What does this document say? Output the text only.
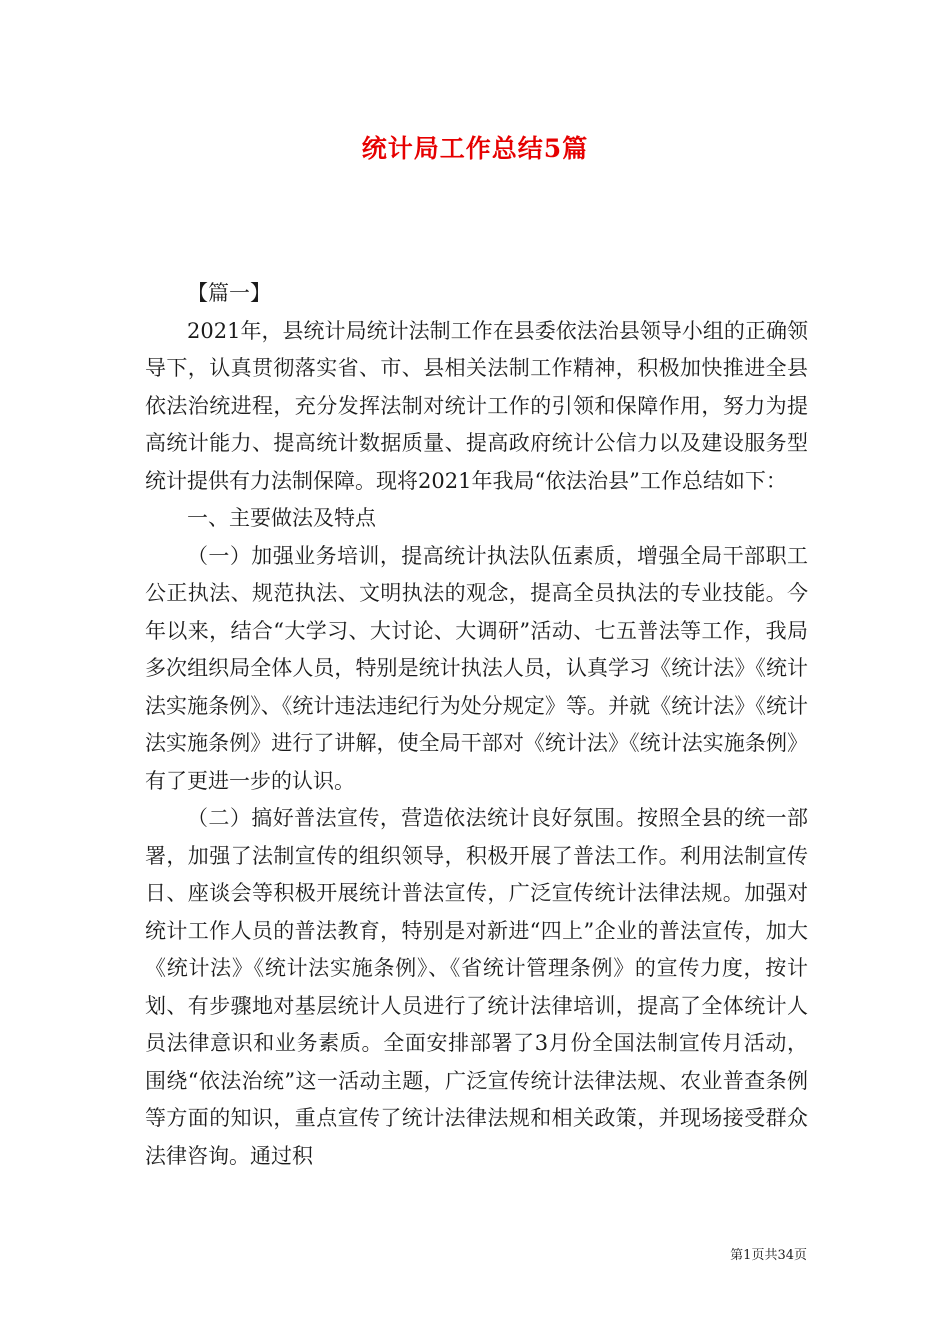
统计局工作总结5篇

【篇一】

2021年，县统计局统计法制工作在县委依法治县领导小组的正确领导下，认真贯彻落实省、市、县相关法制工作精神，积极加快推进全县依法治统进程，充分发挥法制对统计工作的引领和保障作用，努力为提高统计能力、提高统计数据质量、提高政府统计公信力以及建设服务型统计提供有力法制保障。现将2021年我局“依法治县”工作总结如下：

一、主要做法及特点

（一）加强业务培训，提高统计执法队伍素质，增强全局干部职工公正执法、规范执法、文明执法的观念，提高全员执法的专业技能。今年以来，结合“大学习、大讨论、大调研”活动、七五普法等工作，我局多次组织局全体人员，特别是统计执法人员，认真学习《统计法》《统计法实施条例》、《统计违法违纪行为处分规定》等。并就《统计法》《统计法实施条例》进行了讲解，使全局干部对《统计法》《统计法实施条例》有了更进一步的认识。

（二）搞好普法宣传，营造依法统计良好氛围。按照全县的统一部署，加强了法制宣传的组织领导，积极开展了普法工作。利用法制宣传日、座谈会等积极开展统计普法宣传，广泛宣传统计法律法规。加强对统计工作人员的普法教育，特别是对新进“四上”企业的普法宣传，加大《统计法》《统计法实施条例》、《省统计管理条例》的宣传力度，按计划、有步骤地对基层统计人员进行了统计法律培训，提高了全体统计人员法律意识和业务素质。全面安排部署了3月份全国法制宣传月活动，围绕“依法治统”这一活动主题，广泛宣传统计法律法规、农业普查条例等方面的知识，重点宣传了统计法律法规和相关政策，并现场接受群众法律咨询。通过积

第1页共34页
